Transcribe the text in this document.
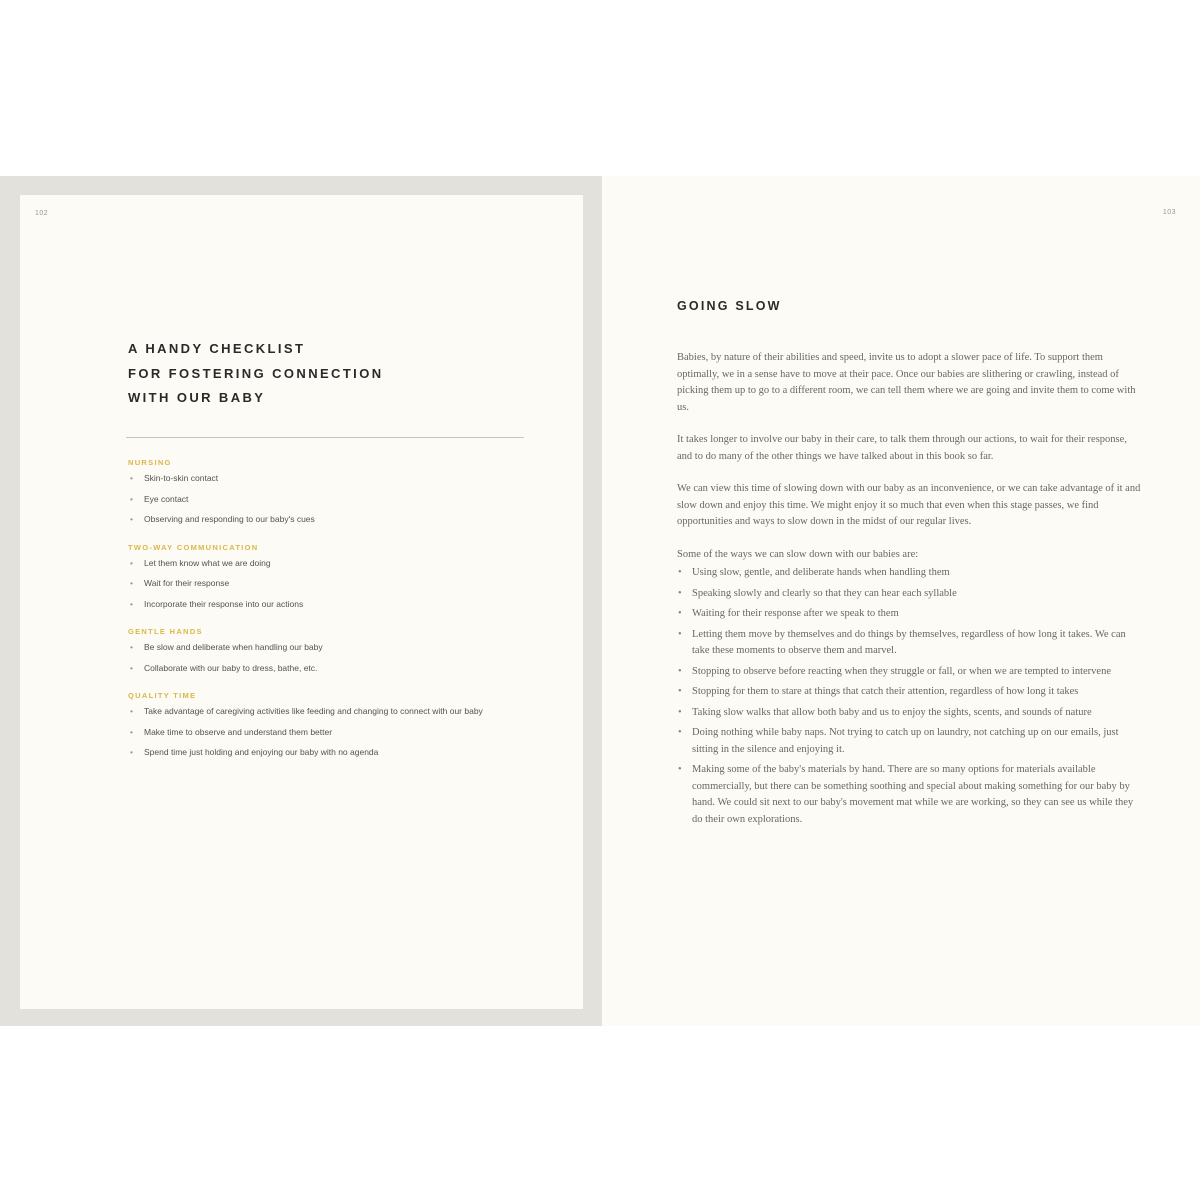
102
A HANDY CHECKLIST
FOR FOSTERING CONNECTION
WITH OUR BABY
NURSING
• Skin-to-skin contact
• Eye contact
• Observing and responding to our baby's cues
TWO-WAY COMMUNICATION
• Let them know what we are doing
• Wait for their response
• Incorporate their response into our actions
GENTLE HANDS
• Be slow and deliberate when handling our baby
• Collaborate with our baby to dress, bathe, etc.
QUALITY TIME
• Take advantage of caregiving activities like feeding and changing to connect with our baby
• Make time to observe and understand them better
• Spend time just holding and enjoying our baby with no agenda
103
GOING SLOW

Babies, by nature of their abilities and speed, invite us to adopt a slower pace of life. To support them optimally, we in a sense have to move at their pace. Once our babies are slithering or crawling, instead of picking them up to go to a different room, we can tell them where we are going and invite them to come with us.

It takes longer to involve our baby in their care, to talk them through our actions, to wait for their response, and to do many of the other things we have talked about in this book so far.

We can view this time of slowing down with our baby as an inconvenience, or we can take advantage of it and slow down and enjoy this time. We might enjoy it so much that even when this stage passes, we find opportunities and ways to slow down in the midst of our regular lives.

Some of the ways we can slow down with our babies are:

• Using slow, gentle, and deliberate hands when handling them
• Speaking slowly and clearly so that they can hear each syllable
• Waiting for their response after we speak to them
• Letting them move by themselves and do things by themselves, regardless of how long it takes. We can take these moments to observe them and marvel.
• Stopping to observe before reacting when they struggle or fall, or when we are tempted to intervene
• Stopping for them to stare at things that catch their attention, regardless of how long it takes
• Taking slow walks that allow both baby and us to enjoy the sights, scents, and sounds of nature
• Doing nothing while baby naps. Not trying to catch up on laundry, not catching up on our emails, just sitting in the silence and enjoying it.
• Making some of the baby's materials by hand. There are so many options for materials available commercially, but there can be something soothing and special about making something for our baby by hand. We could sit next to our baby's movement mat while we are working, so they can see us while they do their own explorations.
